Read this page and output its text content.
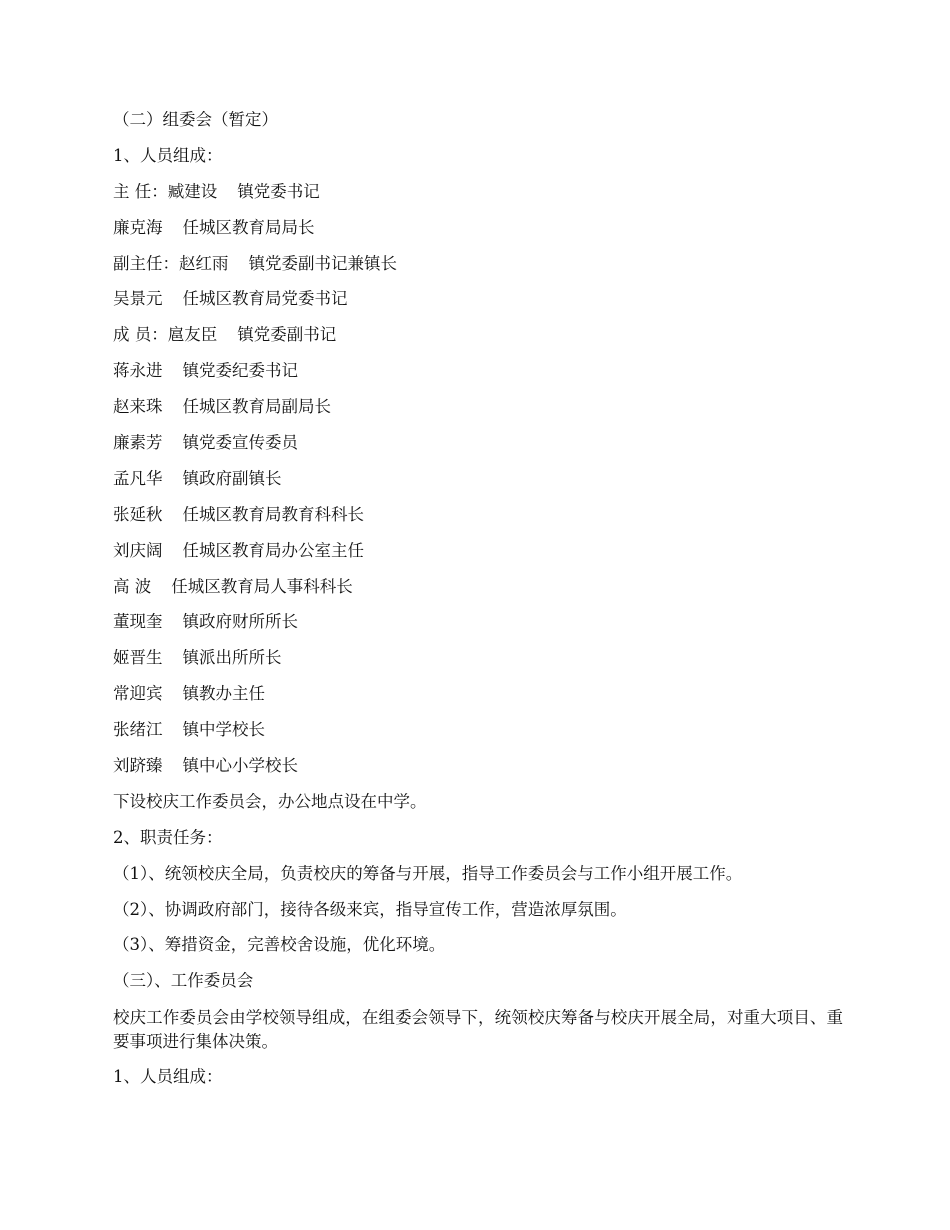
（二）组委会（暂定）
1、人员组成：
主 任：臧建设 镇党委书记
廉克海 任城区教育局局长
副主任：赵红雨 镇党委副书记兼镇长
吴景元 任城区教育局党委书记
成 员：扈友臣 镇党委副书记
蒋永进 镇党委纪委书记
赵来珠 任城区教育局副局长
廉素芳 镇党委宣传委员
孟凡华 镇政府副镇长
张延秋 任城区教育局教育科科长
刘庆阔 任城区教育局办公室主任
高 波 任城区教育局人事科科长
董现奎 镇政府财所所长
姬晋生 镇派出所所长
常迎宾 镇教办主任
张绪江 镇中学校长
刘跻臻 镇中心小学校长
下设校庆工作委员会，办公地点设在中学。
2、职责任务：
（1）、统领校庆全局，负责校庆的筹备与开展，指导工作委员会与工作小组开展工作。
（2）、协调政府部门，接待各级来宾，指导宣传工作，营造浓厚氛围。
（3）、筹措资金，完善校舍设施，优化环境。
（三）、工作委员会
校庆工作委员会由学校领导组成，在组委会领导下，统领校庆筹备与校庆开展全局，对重大项目、重要事项进行集体决策。
1、人员组成：
